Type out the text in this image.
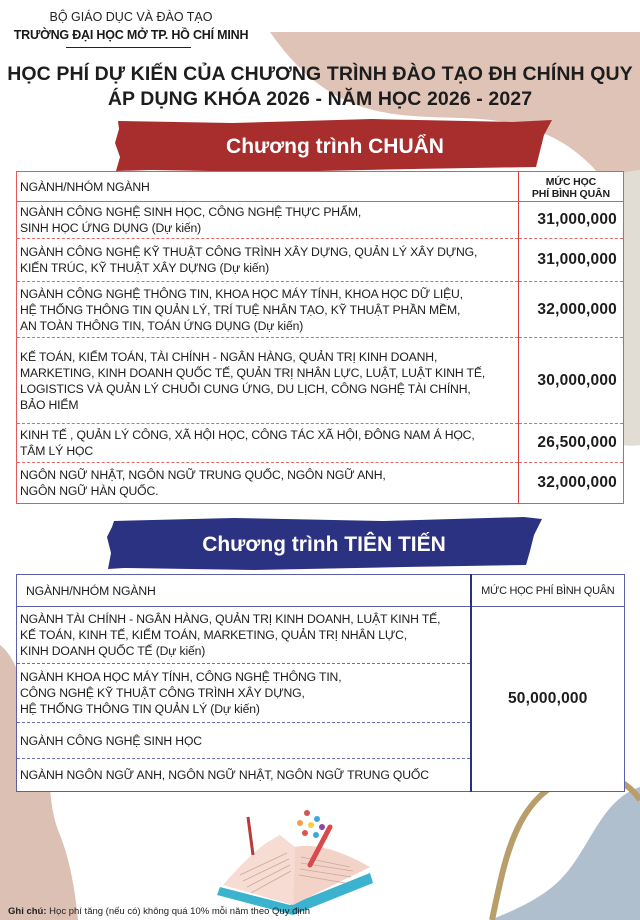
BỘ GIÁO DỤC VÀ ĐÀO TẠO
TRƯỜNG ĐẠI HỌC MỞ TP. HỒ CHÍ MINH
HỌC PHÍ DỰ KIẾN CỦA CHƯƠNG TRÌNH ĐÀO TẠO ĐH CHÍNH QUY
ÁP DỤNG KHÓA 2026 - NĂM HỌC 2026 - 2027
Chương trình CHUẨN
NGÀNH/NHÓM NGÀNH	MỨC HỌC
PHÍ BÌNH QUÂN

NGÀNH CÔNG NGHỆ SINH HỌC, CÔNG NGHỆ THỰC PHẨM,
SINH HỌC ỨNG DỤNG (Dự kiến)	31,000,000

NGÀNH CÔNG NGHỆ KỸ THUẬT CÔNG TRÌNH XÂY DỰNG, QUẢN LÝ XÂY DỰNG,
KIẾN TRÚC, KỸ THUẬT XÂY DỰNG (Dự kiến)	31,000,000

NGÀNH CÔNG NGHỆ THÔNG TIN, KHOA HỌC MÁY TÍNH, KHOA HỌC DỮ LIỆU,
HỆ THỐNG THÔNG TIN QUẢN LÝ, TRÍ TUỆ NHÂN TẠO, KỸ THUẬT PHẦN MỀM,
AN TOÀN THÔNG TIN, TOÁN ỨNG DỤNG (Dự kiến)	32,000,000

KẾ TOÁN, KIỂM TOÁN, TÀI CHÍNH - NGÂN HÀNG, QUẢN TRỊ KINH DOANH,
MARKETING, KINH DOANH QUỐC TẾ, QUẢN TRỊ NHÂN LỰC, LUẬT, LUẬT KINH TẾ,
LOGISTICS VÀ QUẢN LÝ CHUỖI CUNG ỨNG, DU LỊCH, CÔNG NGHỆ TÀI CHÍNH,
BẢO HIỂM	30,000,000

KINH TẾ , QUẢN LÝ CÔNG, XÃ HỘI HỌC, CÔNG TÁC XÃ HỘI, ĐÔNG NAM Á HỌC,
TÂM LÝ HỌC	26,500,000

NGÔN NGỮ NHẬT, NGÔN NGỮ TRUNG QUỐC, NGÔN NGỮ ANH,
NGÔN NGỮ HÀN QUỐC.	32,000,000
Chương trình TIÊN TIẾN
NGÀNH/NHÓM NGÀNH	MỨC HỌC PHÍ BÌNH QUÂN

NGÀNH TÀI CHÍNH - NGÂN HÀNG, QUẢN TRỊ KINH DOANH, LUẬT KINH TẾ,
KẾ TOÁN, KINH TẾ, KIỂM TOÁN, MARKETING, QUẢN TRỊ NHÂN LỰC,
KINH DOANH QUỐC TẾ (Dự kiến)	50,000,000

NGÀNH KHOA HỌC MÁY TÍNH, CÔNG NGHỆ THÔNG TIN,
CÔNG NGHỆ KỸ THUẬT CÔNG TRÌNH XÂY DỰNG,
HỆ THỐNG THÔNG TIN QUẢN LÝ (Dự kiến)	

NGÀNH CÔNG NGHỆ SINH HỌC	

NGÀNH NGÔN NGỮ ANH, NGÔN NGỮ NHẬT, NGÔN NGỮ TRUNG QUỐC	
Ghi chú: Học phí tăng (nếu có) không quá 10% mỗi năm theo Quy định
